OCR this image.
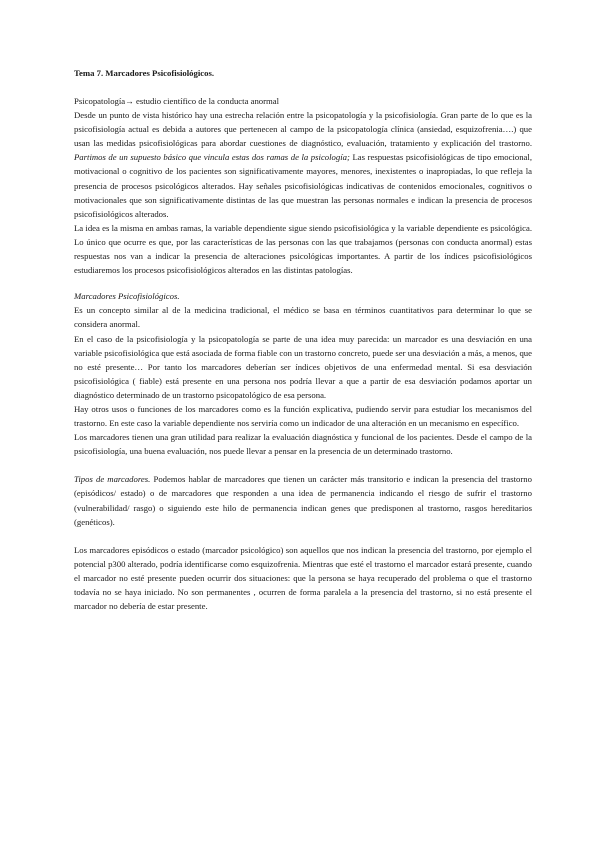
Tema 7. Marcadores Psicofisiológicos.
Psicopatología→ estudio científico de la conducta anormal

Desde un punto de vista histórico hay una estrecha relación entre la psicopatología y la psicofisiología. Gran parte de lo que es la psicofisiología actual es debida a autores que pertenecen al campo de la psicopatología clínica (ansiedad, esquizofrenia….) que usan las medidas psicofisiológicas para abordar cuestiones de diagnóstico, evaluación, tratamiento y explicación del trastorno. Partimos de un supuesto básico que vincula estas dos ramas de la psicología; Las respuestas psicofisiológicas de tipo emocional, motivacional o cognitivo de los pacientes son significativamente mayores, menores, inexistentes o inapropiadas, lo que refleja la presencia de procesos psicológicos alterados. Hay señales psicofisiológicas indicativas de contenidos emocionales, cognitivos o motivacionales que son significativamente distintas de las que muestran las personas normales e indican la presencia de procesos psicofisiológicos alterados.

La idea es la misma en ambas ramas, la variable dependiente sigue siendo psicofisiológica y la variable dependiente es psicológica. Lo único que ocurre es que, por las características de las personas con las que trabajamos (personas con conducta anormal) estas respuestas nos van a indicar la presencia de alteraciones psicológicas importantes. A partir de los índices psicofisiológicos estudiaremos los procesos psicofisiológicos alterados en las distintas patologías.

Marcadores Psicofisiológicos.

Es un concepto similar al de la medicina tradicional, el médico se basa en términos cuantitativos para determinar lo que se considera anormal.

En el caso de la psicofisiología y la psicopatología se parte de una idea muy parecida: un marcador es una desviación en una variable psicofisiológica que está asociada de forma fiable con un trastorno concreto, puede ser una desviación a más, a menos, que no esté presente… Por tanto los marcadores deberían ser índices objetivos de una enfermedad mental. Si esa desviación psicofisiológica ( fiable) está presente en una persona nos podría llevar a que a partir de esa desviación podamos aportar un diagnóstico determinado de un trastorno psicopatológico de esa persona.

Hay otros usos o funciones de los marcadores como es la función explicativa, pudiendo servir para estudiar los mecanismos del trastorno. En este caso la variable dependiente nos serviría como un indicador de una alteración en un mecanismo en específico.

Los marcadores tienen una gran utilidad para realizar la evaluación diagnóstica y funcional de los pacientes. Desde el campo de la psicofisiología, una buena evaluación, nos puede llevar a pensar en la presencia de un determinado trastorno.

Tipos de marcadores. Podemos hablar de marcadores que tienen un carácter más transitorio e indican la presencia del trastorno (episódicos/ estado) o de marcadores que responden a una idea de permanencia indicando el riesgo de sufrir el trastorno (vulnerabilidad/ rasgo) o siguiendo este hilo de permanencia indican genes que predisponen al trastorno, rasgos hereditarios (genéticos).

Los marcadores episódicos o estado (marcador psicológico) son aquellos que nos indican la presencia del trastorno, por ejemplo el potencial p300 alterado, podría identificarse como esquizofrenia. Mientras que esté el trastorno el marcador estará presente, cuando el marcador no esté presente pueden ocurrir dos situaciones: que la persona se haya recuperado del problema o que el trastorno todavía no se haya iniciado. No son permanentes , ocurren de forma paralela a la presencia del trastorno, si no está presente el marcador no debería de estar presente.
